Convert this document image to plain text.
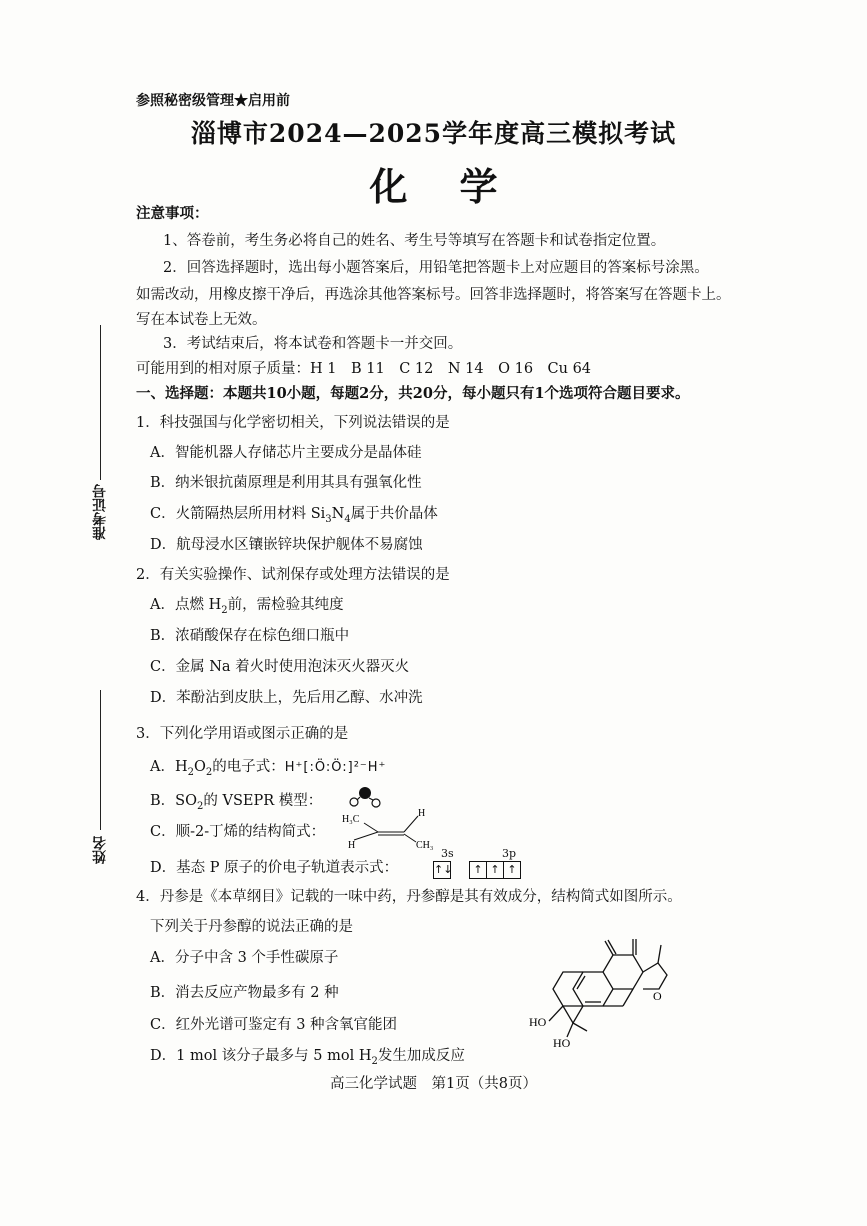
参照秘密级管理★启用前
淄博市2024—2025学年度高三模拟考试
化学
准考证号
姓名
注意事项：
1、答卷前，考生务必将自己的姓名、考生号等填写在答题卡和试卷指定位置。
2．回答选择题时，选出每小题答案后，用铅笔把答题卡上对应题目的答案标号涂黑。
如需改动，用橡皮擦干净后，再选涂其他答案标号。回答非选择题时，将答案写在答题卡上。
写在本试卷上无效。
3．考试结束后，将本试卷和答题卡一并交回。
可能用到的相对原子质量：H 1　B 11　C 12　N 14　O 16　Cu 64
一、选择题：本题共10小题，每题2分，共20分，每小题只有1个选项符合题目要求。
1．科技强国与化学密切相关，下列说法错误的是
A．智能机器人存储芯片主要成分是晶体硅
B．纳米银抗菌原理是利用其具有强氧化性
C．火箭隔热层所用材料 $Si_3N_4$属于共价晶体
D．航母浸水区镶嵌锌块保护舰体不易腐蚀
2．有关实验操作、试剂保存或处理方法错误的是
A．点燃 $H_2$前，需检验其纯度
B．浓硝酸保存在棕色细口瓶中
C．金属 Na 着火时使用泡沫灭火器灭火
D．苯酚沾到皮肤上，先后用乙醇、水冲洗
3．下列化学用语或图示正确的是
A．$H_2O_2$的电子式：H⁺[:Ö:Ö:]²⁻H⁺
B．$SO_2$的 VSEPR 模型：
C．顺-2-丁烯的结构简式：
H₃C
H
H	CH₃
D．基态 P 原子的价电子轨道表示式：
3s	3p
↑↓	↑ ↑ ↑
4．丹参是《本草纲目》记载的一味中药，丹参醇是其有效成分，结构简式如图所示。
下列关于丹参醇的说法正确的是
A．分子中含 3 个手性碳原子
B．消去反应产物最多有 2 种
C．红外光谱可鉴定有 3 种含氧官能团
D．1 mol 该分子最多与 5 mol $H_2$发生加成反应
O
HO
HO
高三化学试题　第1页（共8页）
